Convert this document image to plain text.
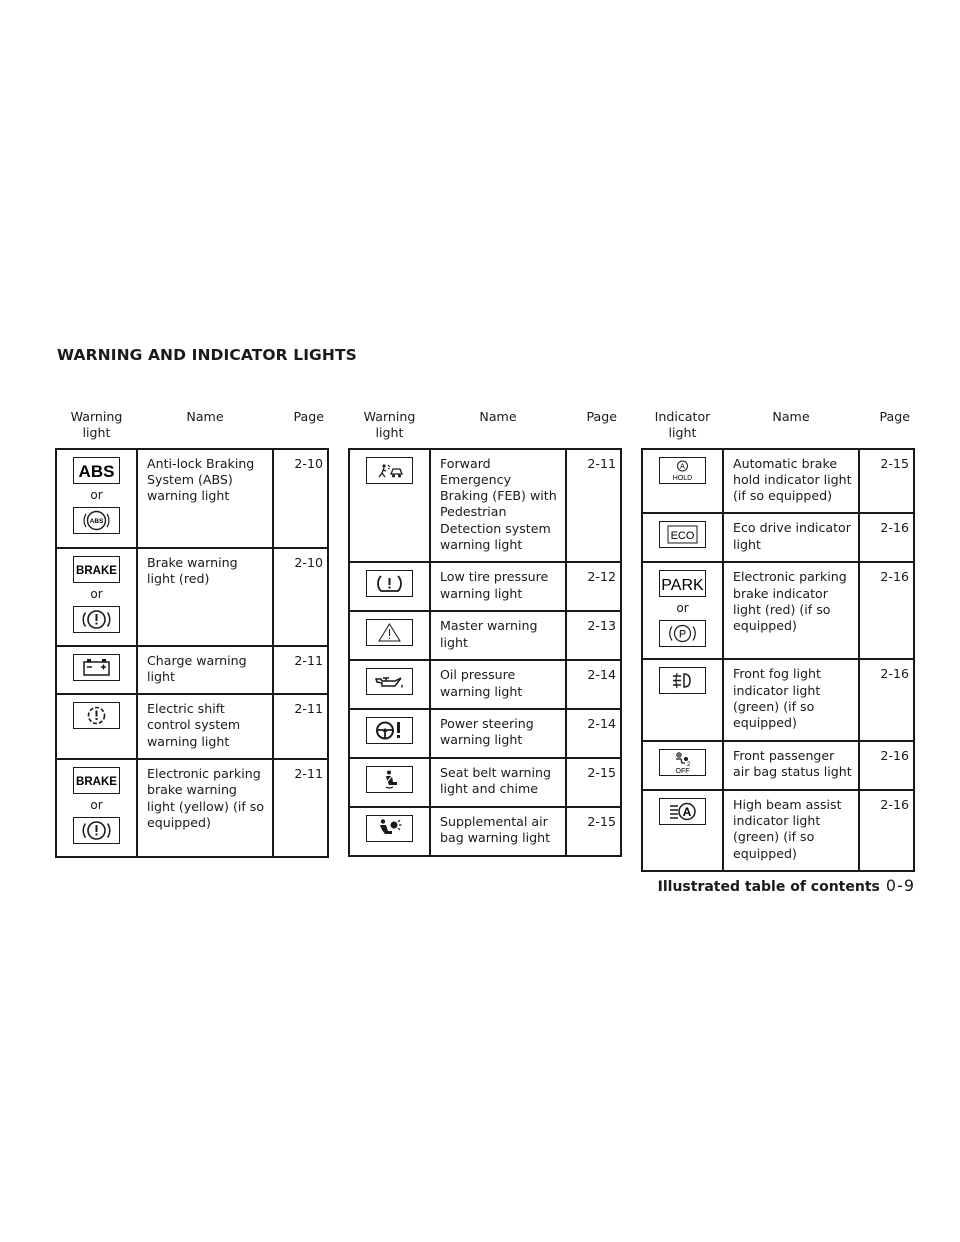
WARNING AND INDICATOR LIGHTS
Warning light	Name	Page

ABS
or
ABS	Anti-lock Braking System (ABS) warning light	2-10

BRAKE
or	Brake warning light (red)	2-10

	Charge warning light	2-11

	Electric shift control system warning light	2-11

BRAKE
or	Electronic parking brake warning light (yellow) (if so equipped)	2-11
Warning light	Name	Page

	Forward Emergency Braking (FEB) with Pedestrian Detection system warning light	2-11

	Low tire pressure warning light	2-12

	Master warning light	2-13

	Oil pressure warning light	2-14

	Power steering warning light	2-14

	Seat belt warning light and chime	2-15

	Supplemental air bag warning light	2-15
Indicator light	Name	Page

A
HOLD	Automatic brake hold indicator light (if so equipped)	2-15

ECO	Eco drive indicator light	2-16

PARK
or
P	Electronic parking brake indicator light (red) (if so equipped)	2-16

	Front fog light indicator light (green) (if so equipped)	2-16

2
OFF	Front passenger air bag status light	2-16

A	High beam assist indicator light (green) (if so equipped)	2-16
Illustrated table of contents 0-9
